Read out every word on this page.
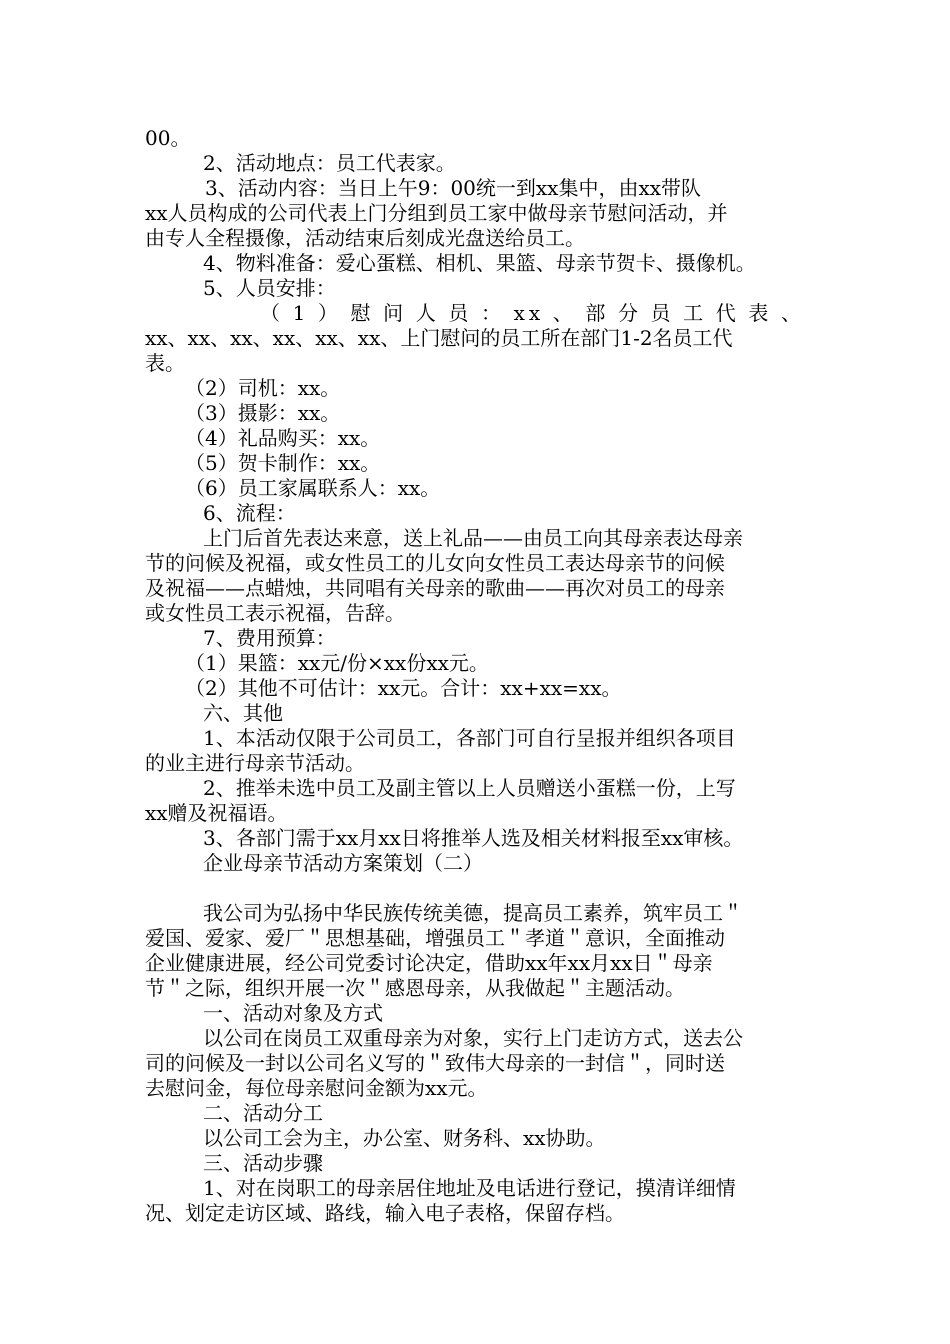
00。
2、活动地点：员工代表家。
3、活动内容：当日上午9：00统一到xx集中，由xx带队
xx人员构成的公司代表上门分组到员工家中做母亲节慰问活动，并
由专人全程摄像，活动结束后刻成光盘送给员工。
4、物料准备：爱心蛋糕、相机、果篮、母亲节贺卡、摄像机。
5、人员安排：
（1）慰问人员：xx、部分员工代表、
xx、xx、xx、xx、xx、xx、上门慰问的员工所在部门1-2名员工代
表。
（2）司机：xx。
（3）摄影：xx。
（4）礼品购买：xx。
（5）贺卡制作：xx。
（6）员工家属联系人：xx。
6、流程：
上门后首先表达来意，送上礼品——由员工向其母亲表达母亲
节的问候及祝福，或女性员工的儿女向女性员工表达母亲节的问候
及祝福——点蜡烛，共同唱有关母亲的歌曲——再次对员工的母亲
或女性员工表示祝福，告辞。
7、费用预算：
（1）果篮：xx元/份×xx份xx元。
（2）其他不可估计：xx元。合计：xx+xx=xx。
六、其他
1、本活动仅限于公司员工，各部门可自行呈报并组织各项目
的业主进行母亲节活动。
2、推举未选中员工及副主管以上人员赠送小蛋糕一份，上写
xx赠及祝福语。
3、各部门需于xx月xx日将推举人选及相关材料报至xx审核。
企业母亲节活动方案策划（二）
我公司为弘扬中华民族传统美德，提高员工素养，筑牢员工＂
爱国、爱家、爱厂＂思想基础，增强员工＂孝道＂意识，全面推动
企业健康进展，经公司党委讨论决定，借助xx年xx月xx日＂母亲
节＂之际，组织开展一次＂感恩母亲，从我做起＂主题活动。
一、活动对象及方式
以公司在岗员工双重母亲为对象，实行上门走访方式，送去公
司的问候及一封以公司名义写的＂致伟大母亲的一封信＂，同时送
去慰问金，每位母亲慰问金额为xx元。
二、活动分工
以公司工会为主，办公室、财务科、xx协助。
三、活动步骤
1、对在岗职工的母亲居住地址及电话进行登记，摸清详细情
况、划定走访区域、路线，输入电子表格，保留存档。
